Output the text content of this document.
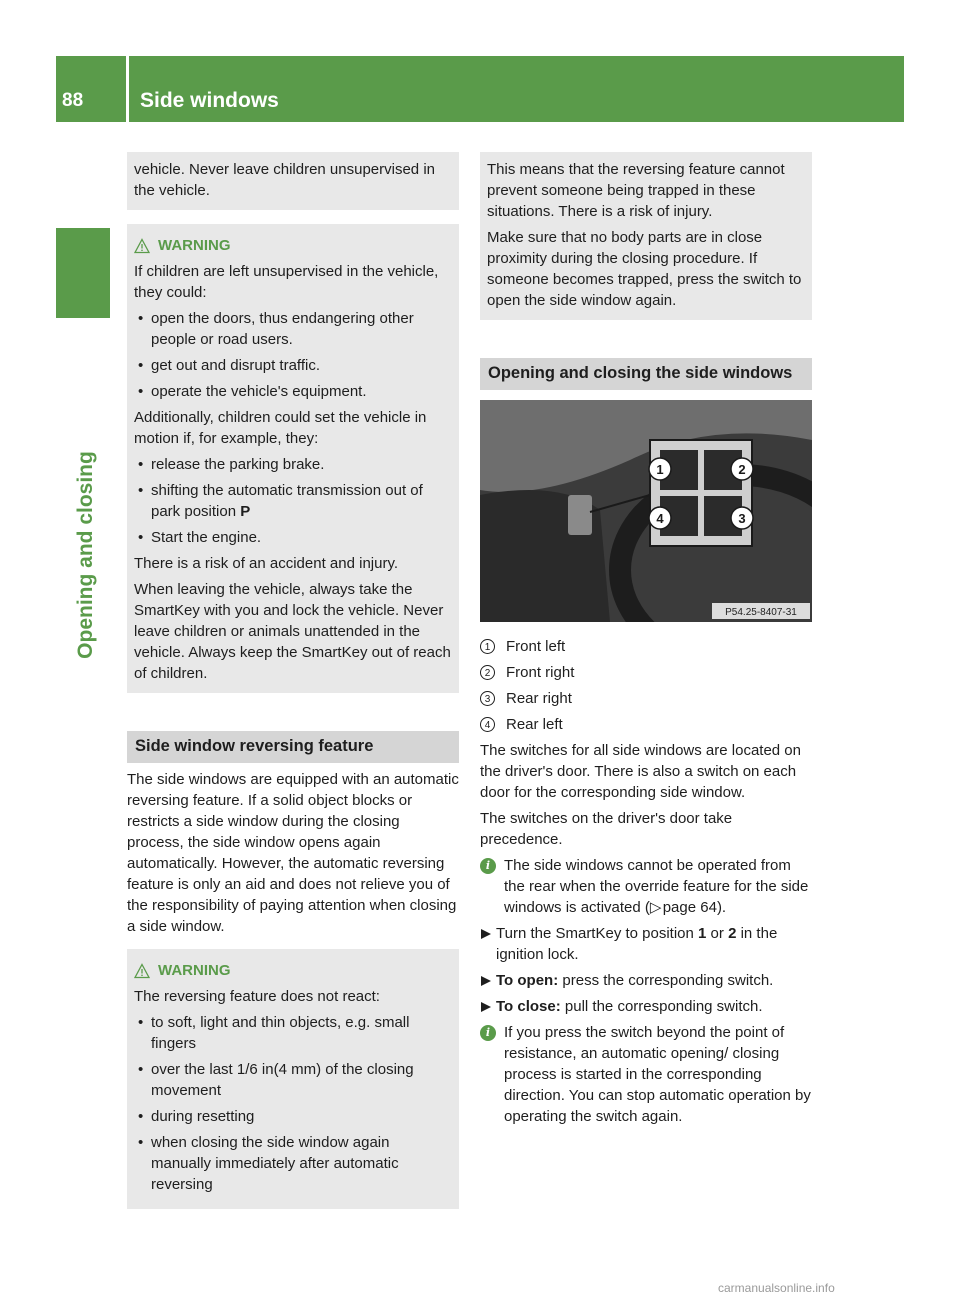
88	Side windows
Opening and closing

vehicle. Never leave children unsupervised in the vehicle.

WARNING

If children are left unsupervised in the vehicle, they could:

• open the doors, thus endangering other people or road users.
• get out and disrupt traffic.
• operate the vehicle's equipment.

Additionally, children could set the vehicle in motion if, for example, they:

• release the parking brake.
• shifting the automatic transmission out of park position P
• Start the engine.

There is a risk of an accident and injury.

When leaving the vehicle, always take the SmartKey with you and lock the vehicle. Never leave children or animals unattended in the vehicle. Always keep the SmartKey out of reach of children.

Side window reversing feature

The side windows are equipped with an automatic reversing feature. If a solid object blocks or restricts a side window during the closing process, the side window opens again automatically. However, the automatic reversing feature is only an aid and does not relieve you of the responsibility of paying attention when closing a side window.

WARNING

The reversing feature does not react:

• to soft, light and thin objects, e.g. small fingers
• over the last 1/6 in(4 mm) of the closing movement
• during resetting
• when closing the side window again manually immediately after automatic reversing

This means that the reversing feature cannot prevent someone being trapped in these situations. There is a risk of injury.

Make sure that no body parts are in close proximity during the closing procedure. If someone becomes trapped, press the switch to open the side window again.

Opening and closing the side windows
1	2
3
4
P54.25-8407-31
1	Front left
2	Front right
3	Rear right
4	Rear left

The switches for all side windows are located on the driver's door. There is also a switch on each door for the corresponding side window.

The switches on the driver's door take precedence.

i The side windows cannot be operated from the rear when the override feature for the side windows is activated (▷ page 64).
Turn the SmartKey to position 1 or 2 in the ignition lock.
To open: press the corresponding switch.
To close: pull the corresponding switch.
i If you press the switch beyond the point of resistance, an automatic opening/ closing process is started in the corresponding direction. You can stop automatic operation by operating the switch again.
carmanualsonline.info
